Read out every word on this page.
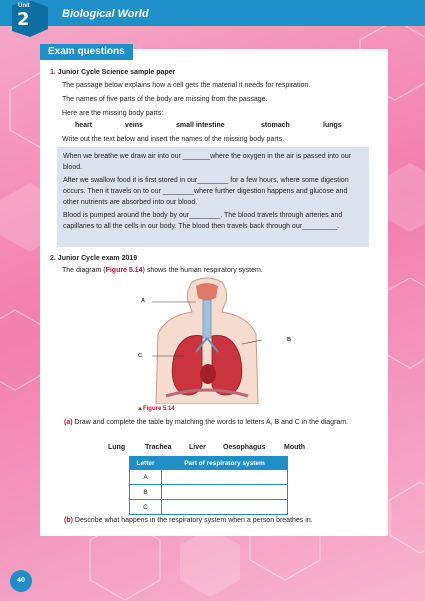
Unit
2	Biological World
Exam questions
1. Junior Cycle Science sample paper
The passage below explains how a cell gets the material it needs for respiration.
The names of five parts of the body are missing from the passage.
Here are the missing body parts:
heart	veins	small intestine	stomach	lungs
Write out the text below and insert the names of the missing body parts.

When we breathe we draw air into our _______where the oxygen in the air is passed into our blood.

After we swallow food it is first stored in our________ for a few hours, where some digestion occurs. Then it travels on to our ________where further digestion happens and glucose and other nutrients are absorbed into our blood.

Blood is pumped around the body by our________. The blood travels through arteries and capillaries to all the cells in our body. The blood then travels back through our_________.

2. Junior Cycle exam 2019
The diagram (Figure 5.14) shows the human respiratory system.
A
B
C
▲Figure 5.14
(a) Draw and complete the table by matching the words to letters A, B and C in the diagram.
Lung	Trachea	Liver Oesophagus	Mouth
Letter	Part of respiratory system
A	
B	
C	
(b) Describe what happens in the respiratory system when a person breathes in.
40
